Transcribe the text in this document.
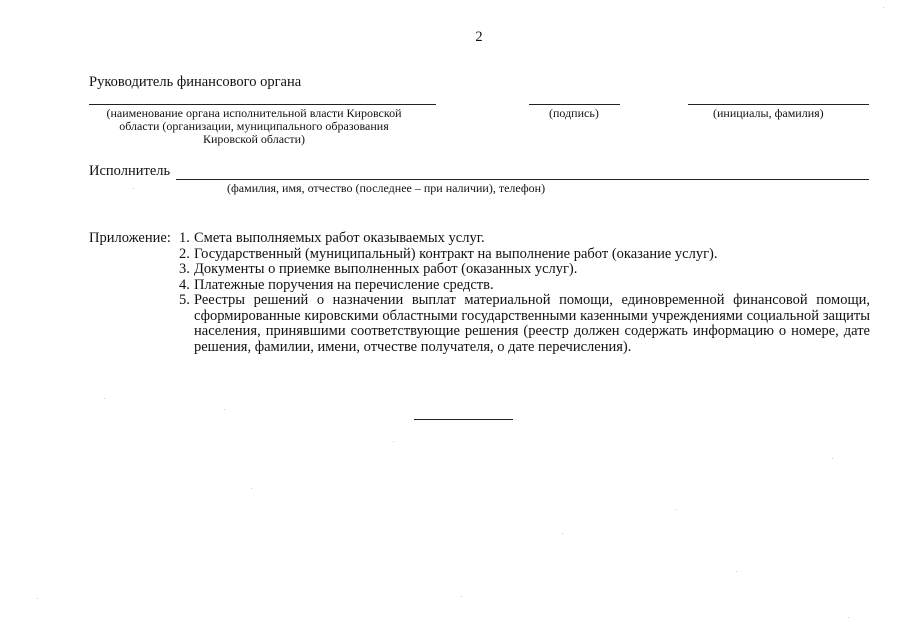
2
Руководитель финансового органа
(наименование органа исполнительной власти Кировской
области (организации, муниципального образования
Кировской области)
(подпись)	(инициалы, фамилия)
Исполнитель
(фамилия, имя, отчество (последнее – при наличии), телефон)
Приложение: 1. Смета выполняемых работ оказываемых услуг.
2. Государственный (муниципальный) контракт на выполнение работ (оказание услуг).
3. Документы о приемке выполненных работ (оказанных услуг).
4. Платежные поручения на перечисление средств.
5. Реестры решений о назначении выплат материальной помощи, единовременной финансовой помощи, сформированные кировскими областными государственными казенными учреждениями социальной защиты населения, принявшими соответствующие решения (реестр должен содержать информацию о номере, дате решения, фамилии, имени, отчестве получателя, о дате перечисления).
